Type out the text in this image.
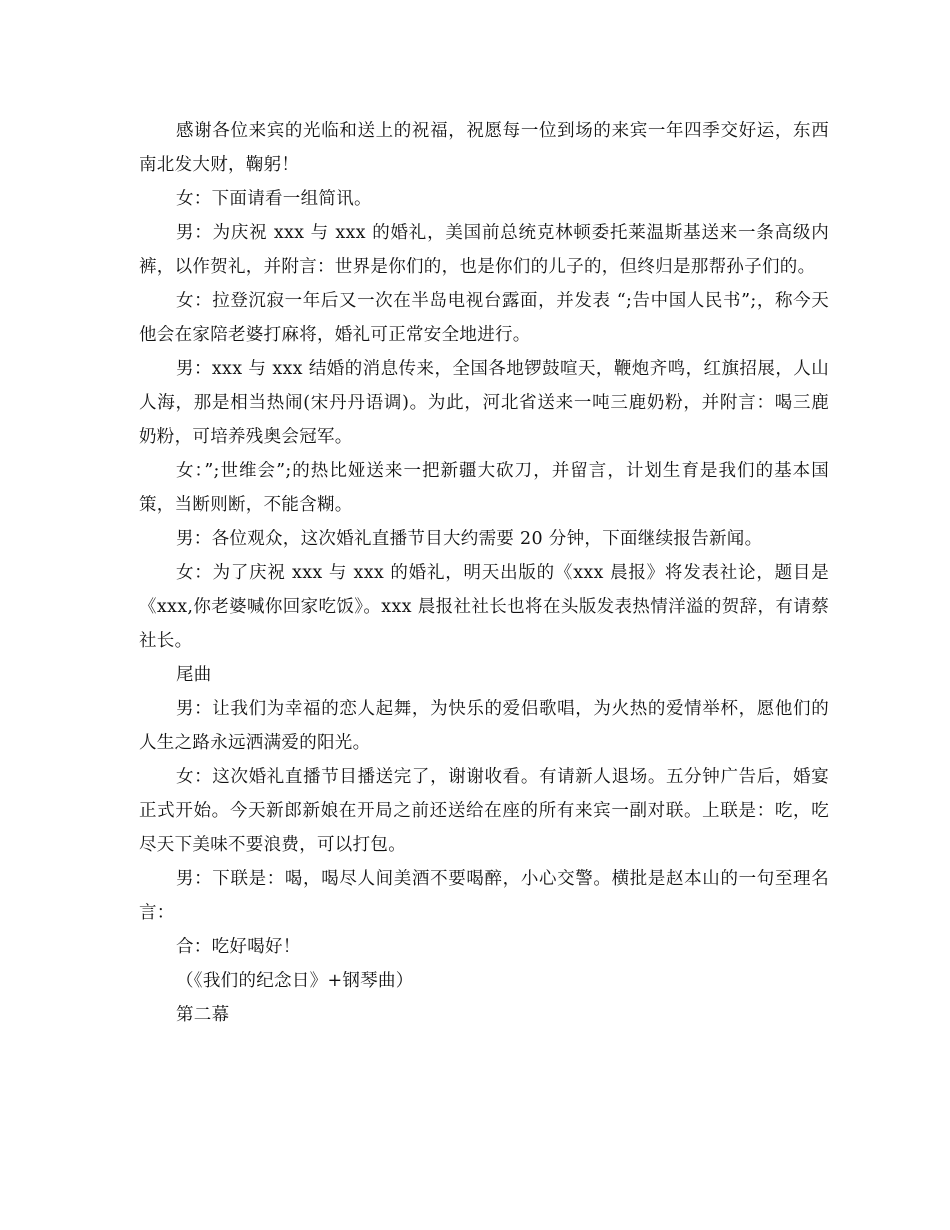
感谢各位来宾的光临和送上的祝福，祝愿每一位到场的来宾一年四季交好运，东西南北发大财，鞠躬！

女：下面请看一组简讯。

男：为庆祝 xxx 与 xxx 的婚礼，美国前总统克林顿委托莱温斯基送来一条高级内裤，以作贺礼，并附言：世界是你们的，也是你们的儿子的，但终归是那帮孙子们的。

女：拉登沉寂一年后又一次在半岛电视台露面，并发表 “;告中国人民书”;，称今天他会在家陪老婆打麻将，婚礼可正常安全地进行。

男：xxx 与 xxx 结婚的消息传来，全国各地锣鼓喧天，鞭炮齐鸣，红旗招展，人山人海，那是相当热闹(宋丹丹语调)。为此，河北省送来一吨三鹿奶粉，并附言：喝三鹿奶粉，可培养残奥会冠军。

女：”;世维会”;的热比娅送来一把新疆大砍刀，并留言，计划生育是我们的基本国策，当断则断，不能含糊。

男：各位观众，这次婚礼直播节目大约需要 20 分钟，下面继续报告新闻。

女：为了庆祝 xxx 与 xxx 的婚礼，明天出版的《xxx 晨报》将发表社论，题目是《xxx,你老婆喊你回家吃饭》。xxx 晨报社社长也将在头版发表热情洋溢的贺辞，有请蔡社长。

尾曲

男：让我们为幸福的恋人起舞，为快乐的爱侣歌唱，为火热的爱情举杯，愿他们的人生之路永远洒满爱的阳光。

女：这次婚礼直播节目播送完了，谢谢收看。有请新人退场。五分钟广告后，婚宴正式开始。今天新郎新娘在开局之前还送给在座的所有来宾一副对联。上联是：吃，吃尽天下美味不要浪费，可以打包。

男：下联是：喝，喝尽人间美酒不要喝醉，小心交警。横批是赵本山的一句至理名言：

合：吃好喝好！

（《我们的纪念日》+钢琴曲）

第二幕
